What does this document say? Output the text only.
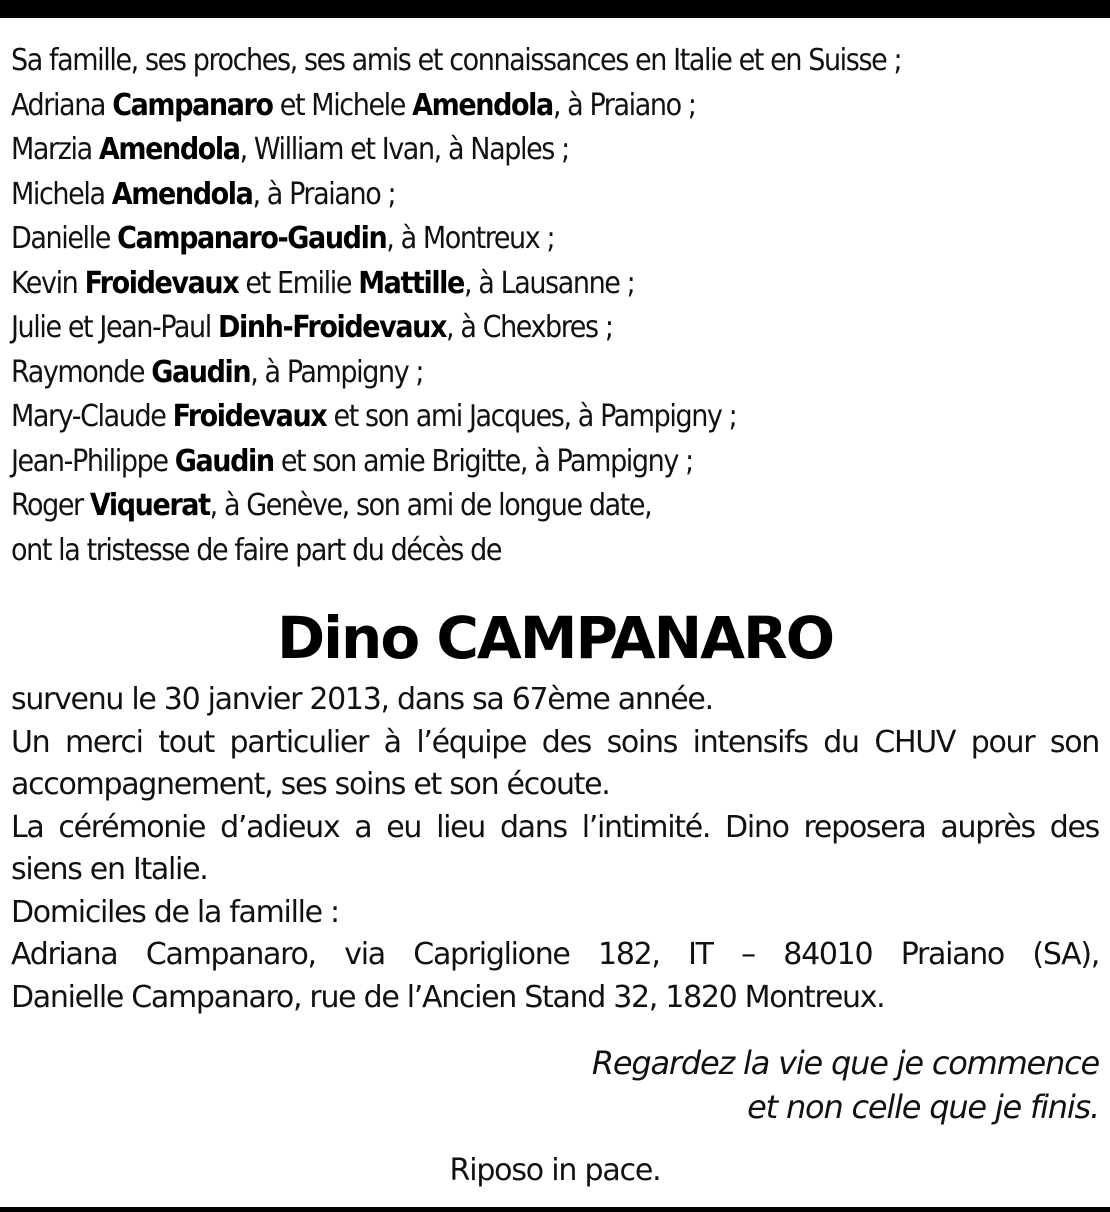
Sa famille, ses proches, ses amis et connaissances en Italie et en Suisse ;
Adriana Campanaro et Michele Amendola, à Praiano ;
Marzia Amendola, William et Ivan, à Naples ;
Michela Amendola, à Praiano ;
Danielle Campanaro-Gaudin, à Montreux ;
Kevin Froidevaux et Emilie Mattille, à Lausanne ;
Julie et Jean-Paul Dinh-Froidevaux, à Chexbres ;
Raymonde Gaudin, à Pampigny ;
Mary-Claude Froidevaux et son ami Jacques, à Pampigny ;
Jean-Philippe Gaudin et son amie Brigitte, à Pampigny ;
Roger Viquerat, à Genève, son ami de longue date,
ont la tristesse de faire part du décès de
Dino CAMPANARO
survenu le 30 janvier 2013, dans sa 67ème année.
Un merci tout particulier à l’équipe des soins intensifs du CHUV pour son
accompagnement, ses soins et son écoute.
La cérémonie d’adieux a eu lieu dans l’intimité. Dino reposera auprès des
siens en Italie.
Domiciles de la famille :
Adriana Campanaro, via Capriglione 182, IT – 84010 Praiano (SA),
Danielle Campanaro, rue de l’Ancien Stand 32, 1820 Montreux.
Regardez la vie que je commence
et non celle que je finis.
Riposo in pace.
